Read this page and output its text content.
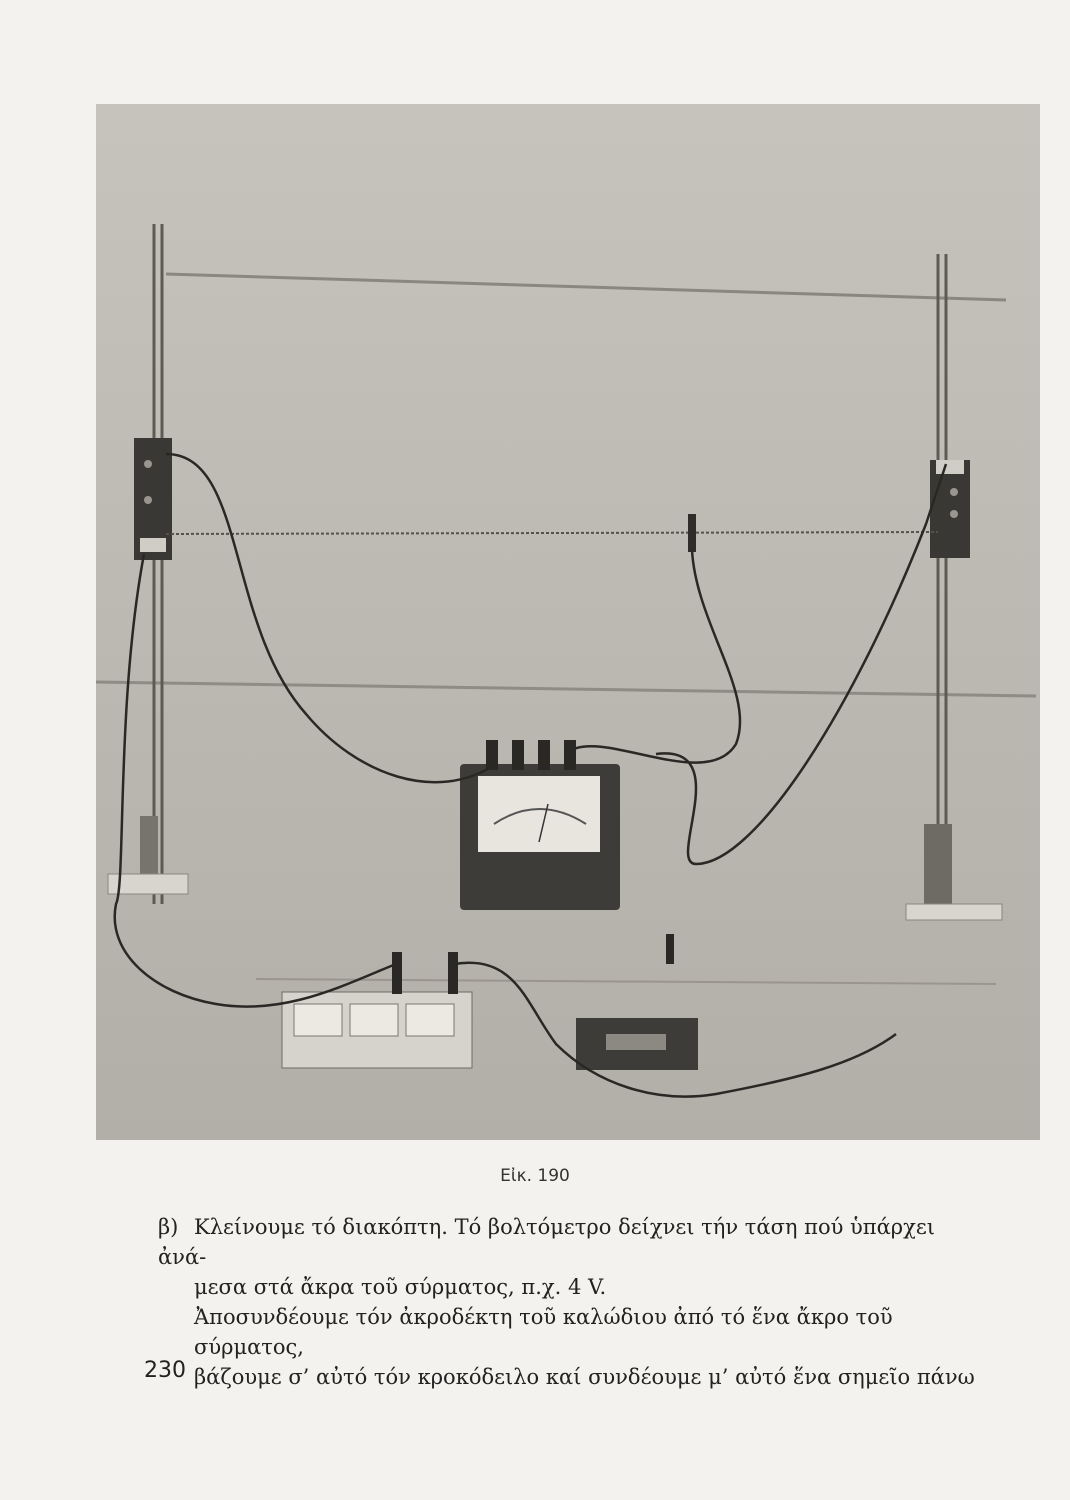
Εἰκ. 190

β) Κλείνουμε τό διακόπτη. Τό βολτόμετρο δείχνει τήν τάση πού ὑπάρχει ἀνά-

μεσα στά ἄκρα τοῦ σύρματος, π.χ. 4 V.

Ἀποσυνδέουμε τόν ἀκροδέκτη τοῦ καλώδιου ἀπό τό ἕνα ἄκρο τοῦ σύρματος,

βάζουμε σ’ αὐτό τόν κροκόδειλο καί συνδέουμε μ’ αὐτό ἕνα σημεῖο πάνω

230
